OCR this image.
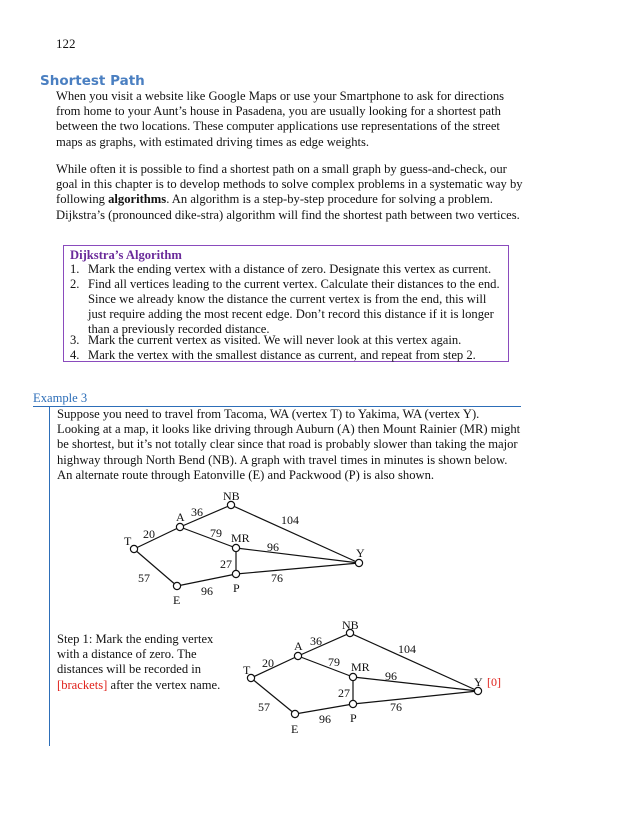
122
Shortest Path

When you visit a website like Google Maps or use your Smartphone to ask for directions from home to your Aunt’s house in Pasadena, you are usually looking for a shortest path between the two locations. These computer applications use representations of the street maps as graphs, with estimated driving times as edge weights.

While often it is possible to find a shortest path on a small graph by guess-and-check, our goal in this chapter is to develop methods to solve complex problems in a systematic way by following algorithms. An algorithm is a step-by-step procedure for solving a problem. Dijkstra’s (pronounced dike-stra) algorithm will find the shortest path between two vertices.

Dijkstra’s Algorithm
1. Mark the ending vertex with a distance of zero. Designate this vertex as current.
2. Find all vertices leading to the current vertex. Calculate their distances to the end. Since we already know the distance the current vertex is from the end, this will just require adding the most recent edge. Don’t record this distance if it is longer than a previously recorded distance.
3. Mark the current vertex as visited. We will never look at this vertex again.
4. Mark the vertex with the smallest distance as current, and repeat from step 2.
Example 3

Suppose you need to travel from Tacoma, WA (vertex T) to Yakima, WA (vertex Y). Looking at a map, it looks like driving through Auburn (A) then Mount Rainier (MR) might be shortest, but it’s not totally clear since that road is probably slower than taking the major highway through North Bend (NB). A graph with travel times in minutes is shown below. An alternate route through Eatonville (E) and Packwood (P) is also shown.

T
A
NB
MR
P
E
Y
20
36
79
104
96
27
76
57
96

Step 1: Mark the ending vertex with a distance of zero. The distances will be recorded in [brackets] after the vertex name.

T
A
NB
MR
P
E
Y [0]
20
36
79
104
96
27
76
57
96
